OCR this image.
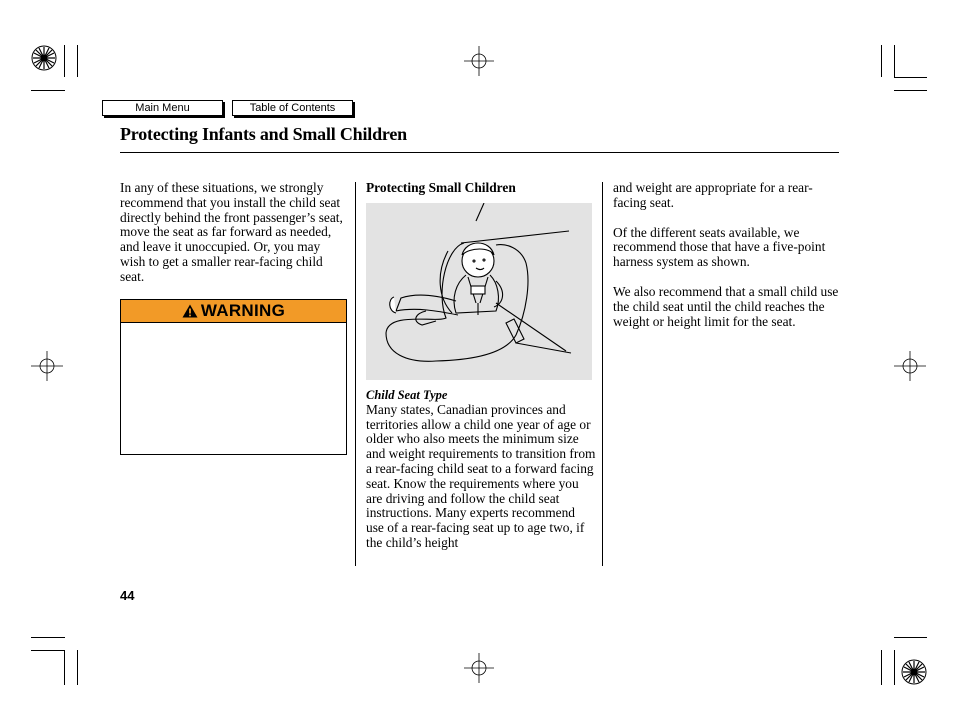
Main Menu	Table of Contents
Protecting Infants and Small Children

In any of these situations, we strongly recommend that you install the child seat directly behind the front passenger’s seat, move the seat as far forward as needed, and leave it unoccupied. Or, you may wish to get a smaller rear-facing child seat.

WARNING
Protecting Small Children
Child Seat Type
Many states, Canadian provinces and territories allow a child one year of age or older who also meets the minimum size and weight requirements to transition from a rear-facing child seat to a forward facing seat. Know the requirements where you are driving and follow the child seat instructions. Many experts recommend use of a rear-facing seat up to age two, if the child’s height

and weight are appropriate for a rear-facing seat.

Of the different seats available, we recommend those that have a five-point harness system as shown.

We also recommend that a small child use the child seat until the child reaches the weight or height limit for the seat.

44
